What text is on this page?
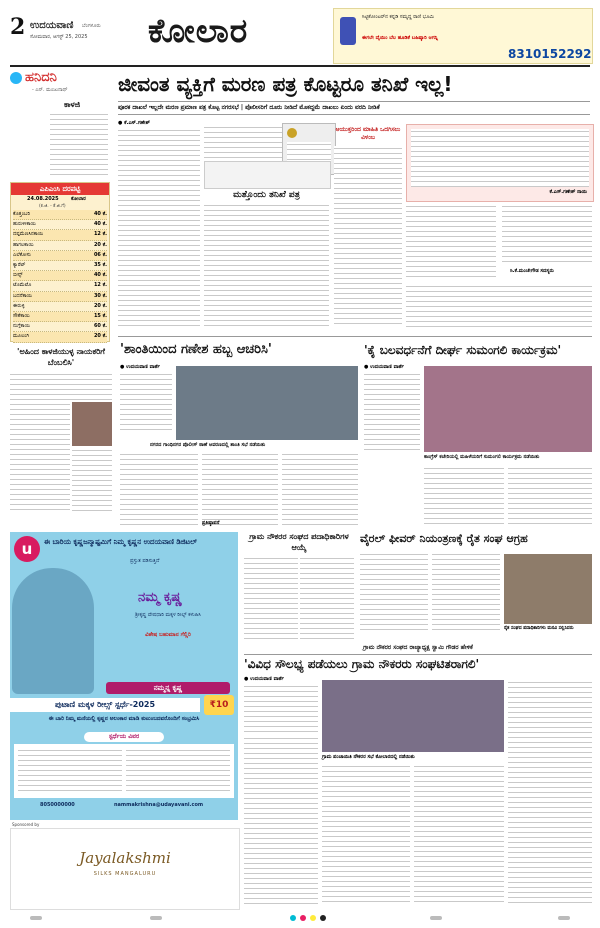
2 ಉದಯವಾಣಿ ಬೆಂಗಳೂರು
ಸೋಮವಾರ, ಆಗಸ್ಟ್ 25, 2025 ಕೋಲಾರ	ಸಿಟ್ಟಿಕೋಂಟರ್‌ನ ಕನ್ನಡಿ ಸಮೃದ್ಧ ರಾಣಿ ಭೂಮಿ
ಈಗಲೇ ದೈಯಿಂ ಬೆಲ ಹೂಡಿಕೆ ಬಹಿಷ್ಕಾರಿ ಆಗನ್ನಿ
8310152292
ಹನಿದನಿ
- ಎನ್. ಮಂಜುನಾಥ್
ಕಾಳಜಿ
ಎಪಿಎಂಸಿ ದರಪಟ್ಟಿ
24.08.2025 ಕೋಲಾರ
(ಕ.ಜಿ. - ಕೆ.ಜಿ.ಗೆ)
ಕೊತ್ತಂಬರಿ	40 ಕೆ.
ಹುರುಳೀಕಾಯಿ	40 ಕೆ.
ದಪ್ಪಮೆಣಸಿನಕಾಯಿ	12 ಕೆ.
ಹಾಗಲಕಾಯಿ	20 ಕೆ.
ಎಲೆಕೋಸು	06 ಕೆ.
ಕ್ಯಾರೆಟ್	35 ಕೆ.
ಬೀನ್ಸ್	40 ಕೆ.
ಟೊಮೆಟೊ	12 ಕೆ.
ಬದನೆಕಾಯಿ	30 ಕೆ.
ಈರುಳ್ಳಿ	20 ಕೆ.
ಸೌತೆಕಾಯಿ	15 ಕೆ.
ನುಗ್ಗೆಕಾಯಿ	60 ಕೆ.
ಮೂಲಂಗಿ	20 ಕೆ.
ಜೀವಂತ ವ್ಯಕ್ತಿಗೆ ಮರಣ ಪತ್ರ ಕೊಟ್ಟರೂ ತನಿಖೆ ಇಲ್ಲ!
ಪೂರಕ ದಾಖಲೆ ಇಲ್ಲದೇ ಮರಣ ಪ್ರಮಾಣ ಪತ್ರ ಕೊಟ್ಟ ನಗರಸಭೆ | ಪೊಲೀಸರಿಗೆ ದೂರು ನೀಡಿದೆ ಮೊಕದ್ದಮೆ ದಾಖಲು ಏಂದು ವರದಿ ನೀಡಿಕೆ
● ಕೆ.ಎಸ್.ಗಣೇಶ್
ಮತ್ತೊಂದು ತನಿಖೆ ಪತ್ರ
ಆಯುಕ್ತರಿಂದ ಮಾಹಿತಿ ಒದಗಿಸಲು ವಿಳಂಬ
ಕೆ.ಎಸ್.ಗಣೇಶ್ ನಾಯಿ
ಸಿ.ಕೆ.ಮಂಜೇಗೌಡ ಸದಸ್ಯರು
'ಅಹಿಂದ ಕಾಳಜಿಯುಳ್ಳ ನಾಯಕರಿಗೆ ಬೆಂಬಲಿಸಿ'
'ಶಾಂತಿಯಿಂದ ಗಣೇಶ ಹಬ್ಬ ಆಚರಿಸಿ'
● ಉದಯವಾಣಿ ವಾರ್ತೆ
ನಗರದ ಗಾಂಧಿನಗರ ಪೊಲೀಸ್ ಠಾಣೆ ಆವರಣದಲ್ಲಿ ಶಾಂತಿ ಸಭೆ ನಡೆಯಿತು
ಪ್ರತಿಷ್ಠಾಪನೆ
'ಕೈ ಬಲವರ್ಧನೆಗೆ ದೀರ್ಘ ಸುಮಂಗಲಿ ಕಾರ್ಯಕ್ರಮ'
● ಉದಯವಾಣಿ ವಾರ್ತೆ
ಕಾಂಗ್ರೆಸ್ ಕಚೇರಿಯಲ್ಲಿ ಮಹಿಳೆಯರಿಗೆ ಸುಮಂಗಲಿ ಕಾರ್ಯಕ್ರಮ ನಡೆಯಿತು
u	ಈ ಬಾರಿಯ ಕೃಷ್ಣಜನ್ಮಾಷ್ಟಮಿಗೆ ನಿಮ್ಮ ಕೃಷ್ಣನ ಉದಯವಾಣಿ ಡಿಜಿಟಲ್
ಪ್ರಸ್ತುತ ಪಡಿಸುತ್ತಿದೆ
ನಮ್ಮ ಕೃಷ್ಣ
ಶ್ರೀಕೃಷ್ಣ ವೇಷಧಾರಿ ಮಕ್ಕಳ ರೀಲ್ಸ್ ಕಳುಹಿಸಿ
ವಿಶೇಷ ಬಹುಮಾನ ಗೆಲ್ಲಿರಿ
ನಮ್ಮನ್ನ ಕೃಷ್ಣ
ಪುಟಾಣಿ ಮಕ್ಕಳ ರೀಲ್ಸ್ ಸ್ಪರ್ಧೆ-2025	₹10
ಈ ಬಾರಿ ನಿಮ್ಮ ಮನೆಯಲ್ಲಿ ಕೃಷ್ಣನ ಅಲಂಕಾರ ಮಾಡಿ ಕುಟುಂಬದವರೊಂದಿಗೆ ಸಂಭ್ರಮಿಸಿ
ಸ್ಪರ್ಧೆಯ ವಿವರ
8050000000	nammakrishna@udayavani.com
Sponsored by
Jayalakshmi
SILKS MANGALURU
ಗ್ರಾಮ ನೌಕರರ ಸಂಘದ ಪದಾಧಿಕಾರಿಗಳ ಆಯ್ಕೆ
ವೈರಲ್ ಫೀವರ್ ನಿಯಂತ್ರಣಕ್ಕೆ ರೈತ ಸಂಘ ಆಗ್ರಹ
ರೈತ ಸಂಘದ ಪದಾಧಿಕಾರಿಗಳು ಮನವಿ ಸಲ್ಲಿಸಿದರು
ಗ್ರಾಮ ನೌಕರರ ಸಂಘದ ರಾಜ್ಯಾಧ್ಯಕ್ಷ ಸ್ವಾಮಿ ಗೌಡರ ಹೇಳಿಕೆ
'ವಿವಿಧ ಸೌಲಭ್ಯ ಪಡೆಯಲು ಗ್ರಾಮ ನೌಕರರು ಸಂಘಟಿತರಾಗಲಿ'
● ಉದಯವಾಣಿ ವಾರ್ತೆ
ಗ್ರಾಮ ಪಂಚಾಯಿತಿ ನೌಕರರ ಸಭೆ ಕೋಲಾರದಲ್ಲಿ ನಡೆಯಿತು
